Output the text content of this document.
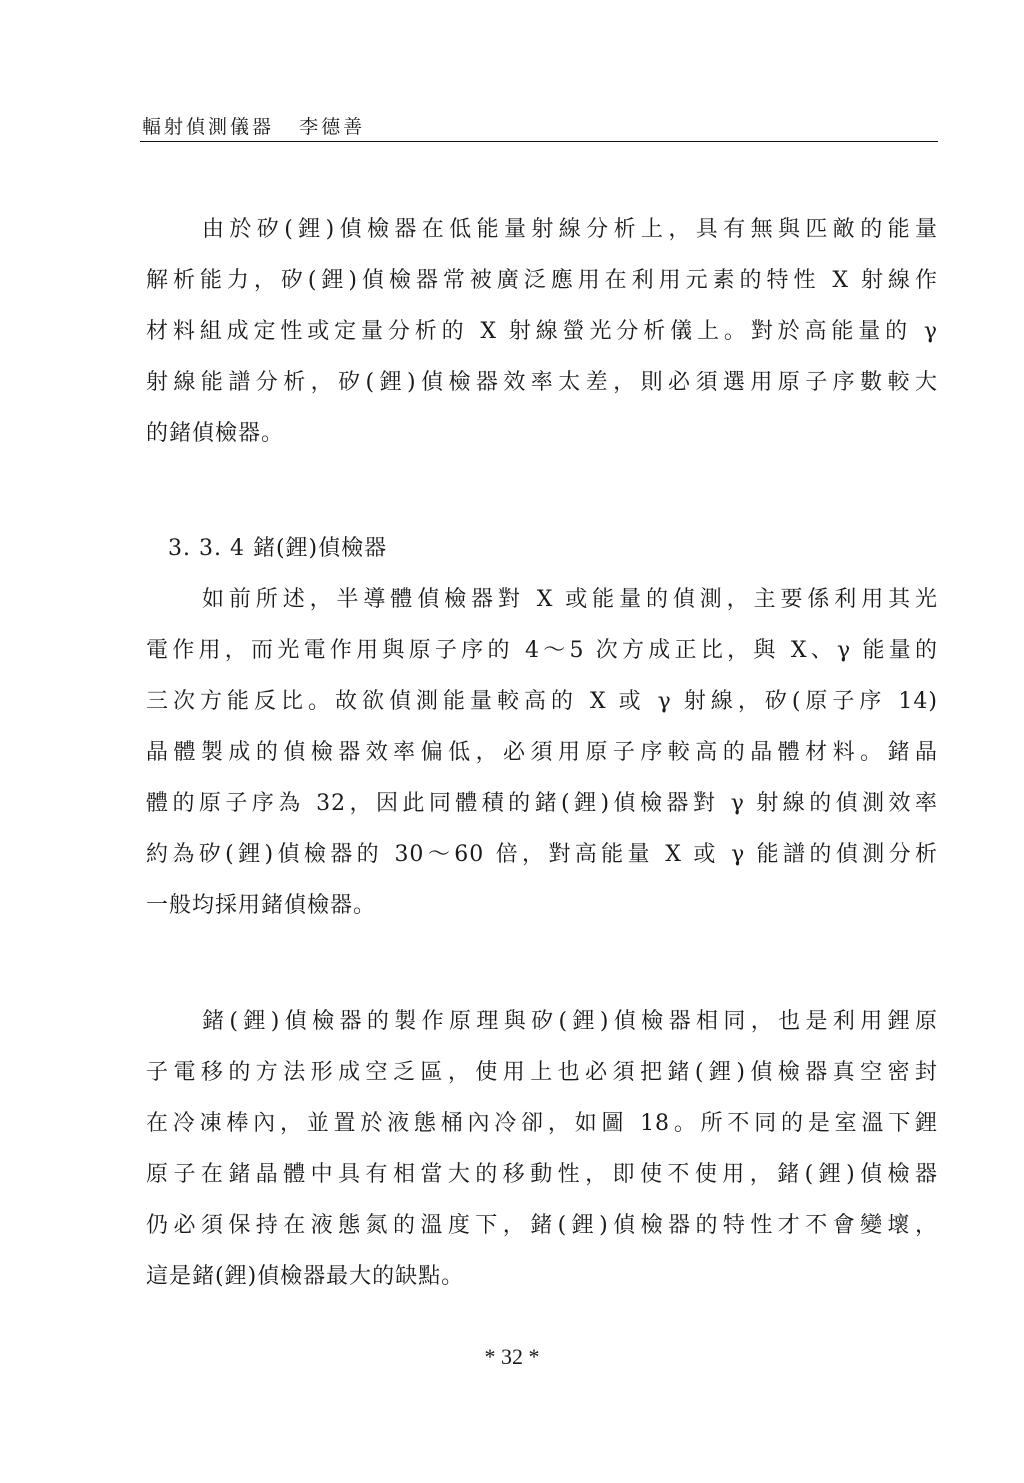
輻射偵測儀器 李德善
由於矽(鋰)偵檢器在低能量射線分析上，具有無與匹敵的能量
解析能力，矽(鋰)偵檢器常被廣泛應用在利用元素的特性 X 射線作
材料組成定性或定量分析的 X 射線螢光分析儀上。對於高能量的 γ
射線能譜分析，矽(鋰)偵檢器效率太差，則必須選用原子序數較大
的鍺偵檢器。
3. 3. 4 鍺(鋰)偵檢器
如前所述，半導體偵檢器對 X 或能量的偵測，主要係利用其光
電作用，而光電作用與原子序的 4～5 次方成正比，與 X、γ 能量的
三次方能反比。故欲偵測能量較高的 X 或 γ 射線，矽(原子序 14)
晶體製成的偵檢器效率偏低，必須用原子序較高的晶體材料。鍺晶
體的原子序為 32，因此同體積的鍺(鋰)偵檢器對 γ 射線的偵測效率
約為矽(鋰)偵檢器的 30～60 倍，對高能量 X 或 γ 能譜的偵測分析
一般均採用鍺偵檢器。
鍺(鋰)偵檢器的製作原理與矽(鋰)偵檢器相同，也是利用鋰原
子電移的方法形成空乏區，使用上也必須把鍺(鋰)偵檢器真空密封
在冷凍棒內，並置於液態桶內冷卻，如圖 18。所不同的是室溫下鋰
原子在鍺晶體中具有相當大的移動性，即使不使用，鍺(鋰)偵檢器
仍必須保持在液態氮的溫度下，鍺(鋰)偵檢器的特性才不會變壞，
這是鍺(鋰)偵檢器最大的缺點。
* 32 *
